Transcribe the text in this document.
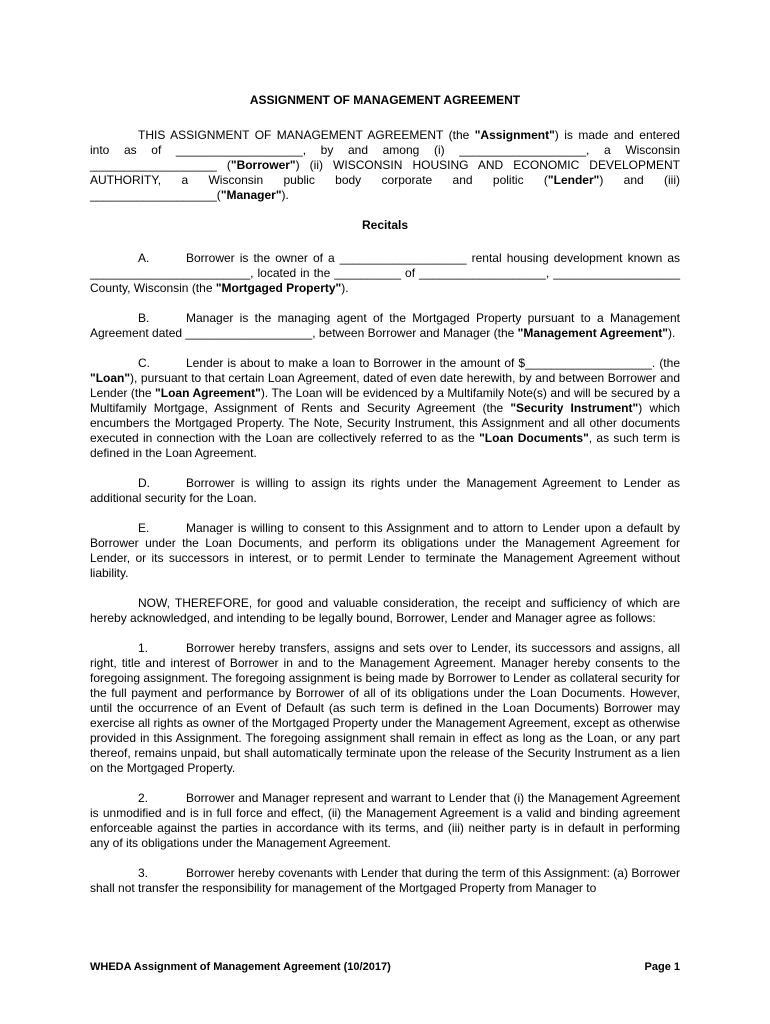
ASSIGNMENT OF MANAGEMENT AGREEMENT

THIS ASSIGNMENT OF MANAGEMENT AGREEMENT (the "Assignment") is made and entered into as of ___________________, by and among (i) ___________________, a Wisconsin ___________________ ("Borrower") (ii) WISCONSIN HOUSING AND ECONOMIC DEVELOPMENT AUTHORITY, a Wisconsin public body corporate and politic ("Lender") and (iii) ___________________("Manager").

Recitals

A.	Borrower is the owner of a ___________________ rental housing development known as ________________________, located in the __________ of ___________________, ___________________ County, Wisconsin (the "Mortgaged Property").

B.	Manager is the managing agent of the Mortgaged Property pursuant to a Management Agreement dated ___________________, between Borrower and Manager (the "Management Agreement").

C.	Lender is about to make a loan to Borrower in the amount of $___________________. (the "Loan"), pursuant to that certain Loan Agreement, dated of even date herewith, by and between Borrower and Lender (the "Loan Agreement"). The Loan will be evidenced by a Multifamily Note(s) and will be secured by a Multifamily Mortgage, Assignment of Rents and Security Agreement (the "Security Instrument") which encumbers the Mortgaged Property. The Note, Security Instrument, this Assignment and all other documents executed in connection with the Loan are collectively referred to as the "Loan Documents", as such term is defined in the Loan Agreement.

D.	Borrower is willing to assign its rights under the Management Agreement to Lender as additional security for the Loan.

E.	Manager is willing to consent to this Assignment and to attorn to Lender upon a default by Borrower under the Loan Documents, and perform its obligations under the Management Agreement for Lender, or its successors in interest, or to permit Lender to terminate the Management Agreement without liability.

NOW, THEREFORE, for good and valuable consideration, the receipt and sufficiency of which are hereby acknowledged, and intending to be legally bound, Borrower, Lender and Manager agree as follows:

1.	Borrower hereby transfers, assigns and sets over to Lender, its successors and assigns, all right, title and interest of Borrower in and to the Management Agreement. Manager hereby consents to the foregoing assignment. The foregoing assignment is being made by Borrower to Lender as collateral security for the full payment and performance by Borrower of all of its obligations under the Loan Documents. However, until the occurrence of an Event of Default (as such term is defined in the Loan Documents) Borrower may exercise all rights as owner of the Mortgaged Property under the Management Agreement, except as otherwise provided in this Assignment. The foregoing assignment shall remain in effect as long as the Loan, or any part thereof, remains unpaid, but shall automatically terminate upon the release of the Security Instrument as a lien on the Mortgaged Property.

2.	Borrower and Manager represent and warrant to Lender that (i) the Management Agreement is unmodified and is in full force and effect, (ii) the Management Agreement is a valid and binding agreement enforceable against the parties in accordance with its terms, and (iii) neither party is in default in performing any of its obligations under the Management Agreement.

3.	Borrower hereby covenants with Lender that during the term of this Assignment: (a) Borrower shall not transfer the responsibility for management of the Mortgaged Property from Manager to

WHEDA Assignment of Management Agreement (10/2017)	Page 1
